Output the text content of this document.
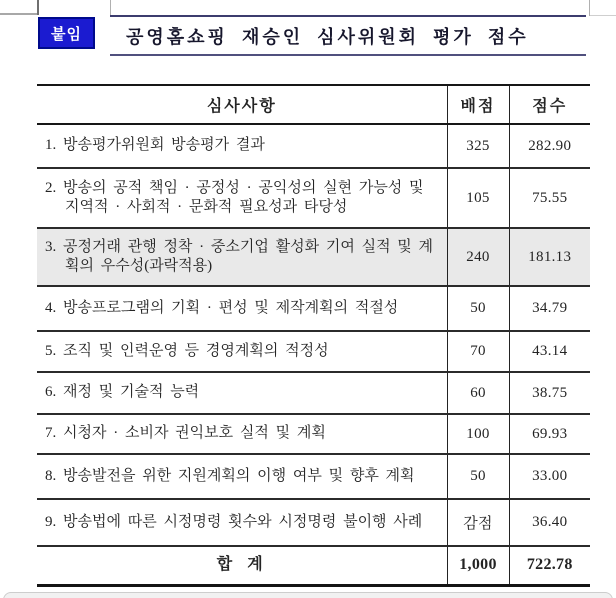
붙임	공영홈쇼핑 재승인 심사위원회 평가 점수
심사사항	배점	점수
1. 방송평가위원회 방송평가 결과	325	282.90
2. 방송의 공적 책임 · 공정성 · 공익성의 실현 가능성 및 지역적 · 사회적 · 문화적 필요성과 타당성	105	75.55
3. 공정거래 관행 정착 · 중소기업 활성화 기여 실적 및 계획의 우수성(과락적용)	240	181.13
4. 방송프로그램의 기획 · 편성 및 제작계획의 적절성	50	34.79
5. 조직 및 인력운영 등 경영계획의 적정성	70	43.14
6. 재정 및 기술적 능력	60	38.75
7. 시청자 · 소비자 권익보호 실적 및 계획	100	69.93
8. 방송발전을 위한 지원계획의 이행 여부 및 향후 계획	50	33.00
9. 방송법에 따른 시정명령 횟수와 시정명령 불이행 사례	감점	36.40
합 계	1,000	722.78
